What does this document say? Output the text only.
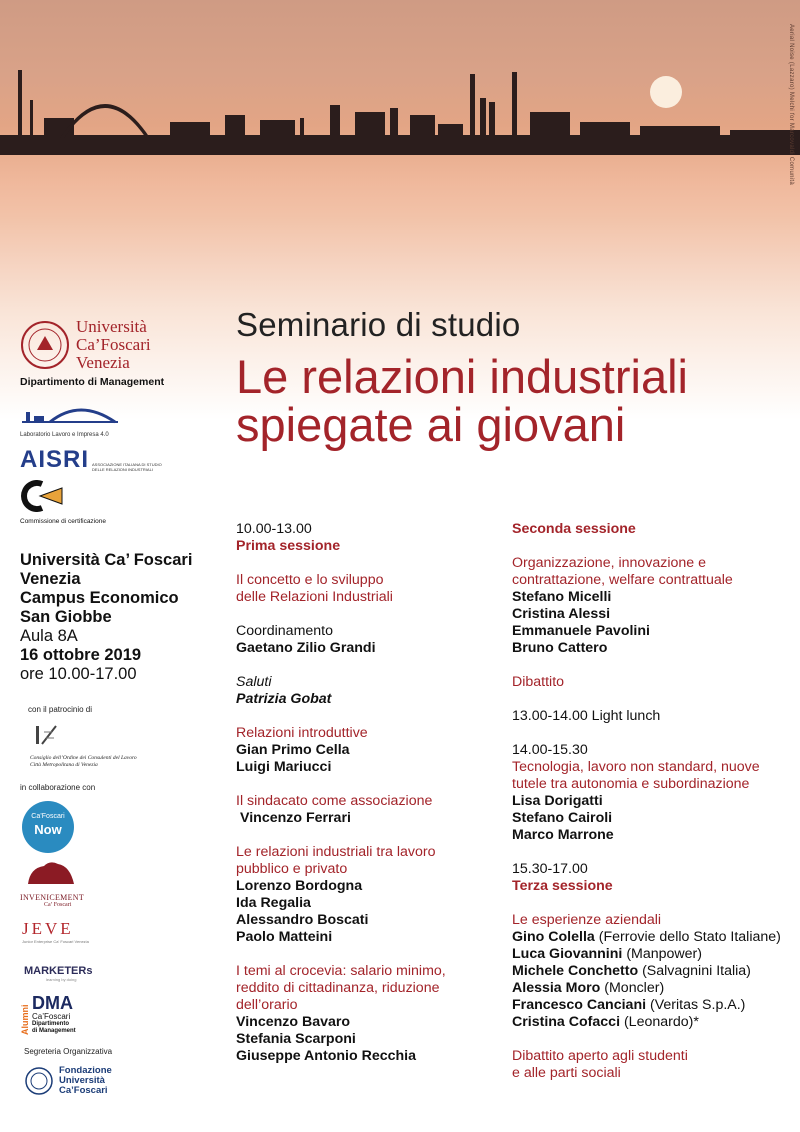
Aerial Noise (Lazzaro) Melchi for Marcovaldi Comunità
Seminario di studio
Le relazioni industriali
spiegate ai giovani
Università
Ca’Foscari
Venezia
Dipartimento di Management
Laboratorio Lavoro e Impresa 4.0
AISRI ASSOCIAZIONE ITALIANA DI STUDIO DELLE RELAZIONI INDUSTRIALI
Commissione di certificazione
Università Ca’ Foscari
Venezia
Campus Economico
San Giobbe
Aula 8A
16 ottobre 2019
ore 10.00-17.00
con il patrocinio di
Consiglio dell’Ordine dei Consulenti del Lavoro
Città Metropolitana di Venezia
in collaborazione con
Ca’Foscari
Now
INVENICEMENT
Ca’ Foscari
JEVE
Junior Enterprise Ca' Foscari Venezia
MARKETERs
learning by doing
Alumni
DMA
Ca’Foscari
Dipartimento
di Management
Segreteria Organizzativa
Fondazione
Università
Ca’Foscari
10.00-13.00
Prima sessione
Il concetto e lo sviluppo
delle Relazioni Industriali
Coordinamento
Gaetano Zilio Grandi
Saluti
Patrizia Gobat
Relazioni introduttive
Gian Primo Cella
Luigi Mariucci
Il sindacato come associazione
Vincenzo Ferrari
Le relazioni industriali tra lavoro
pubblico e privato
Lorenzo Bordogna
Ida Regalia
Alessandro Boscati
Paolo Matteini
I temi al crocevia: salario minimo,
reddito di cittadinanza, riduzione
dell’orario
Vincenzo Bavaro
Stefania Scarponi
Giuseppe Antonio Recchia
Seconda sessione
Organizzazione, innovazione e
contrattazione, welfare contrattuale
Stefano Micelli
Cristina Alessi
Emmanuele Pavolini
Bruno Cattero
Dibattito
13.00-14.00 Light lunch
14.00-15.30
Tecnologia, lavoro non standard, nuove
tutele tra autonomia e subordinazione
Lisa Dorigatti
Stefano Cairoli
Marco Marrone
15.30-17.00
Terza sessione
Le esperienze aziendali
Gino Colella (Ferrovie dello Stato Italiane)
Luca Giovannini (Manpower)
Michele Conchetto (Salvagnini Italia)
Alessia Moro (Moncler)
Francesco Canciani (Veritas S.p.A.)
Cristina Cofacci (Leonardo)*
Dibattito aperto agli studenti
e alle parti sociali
